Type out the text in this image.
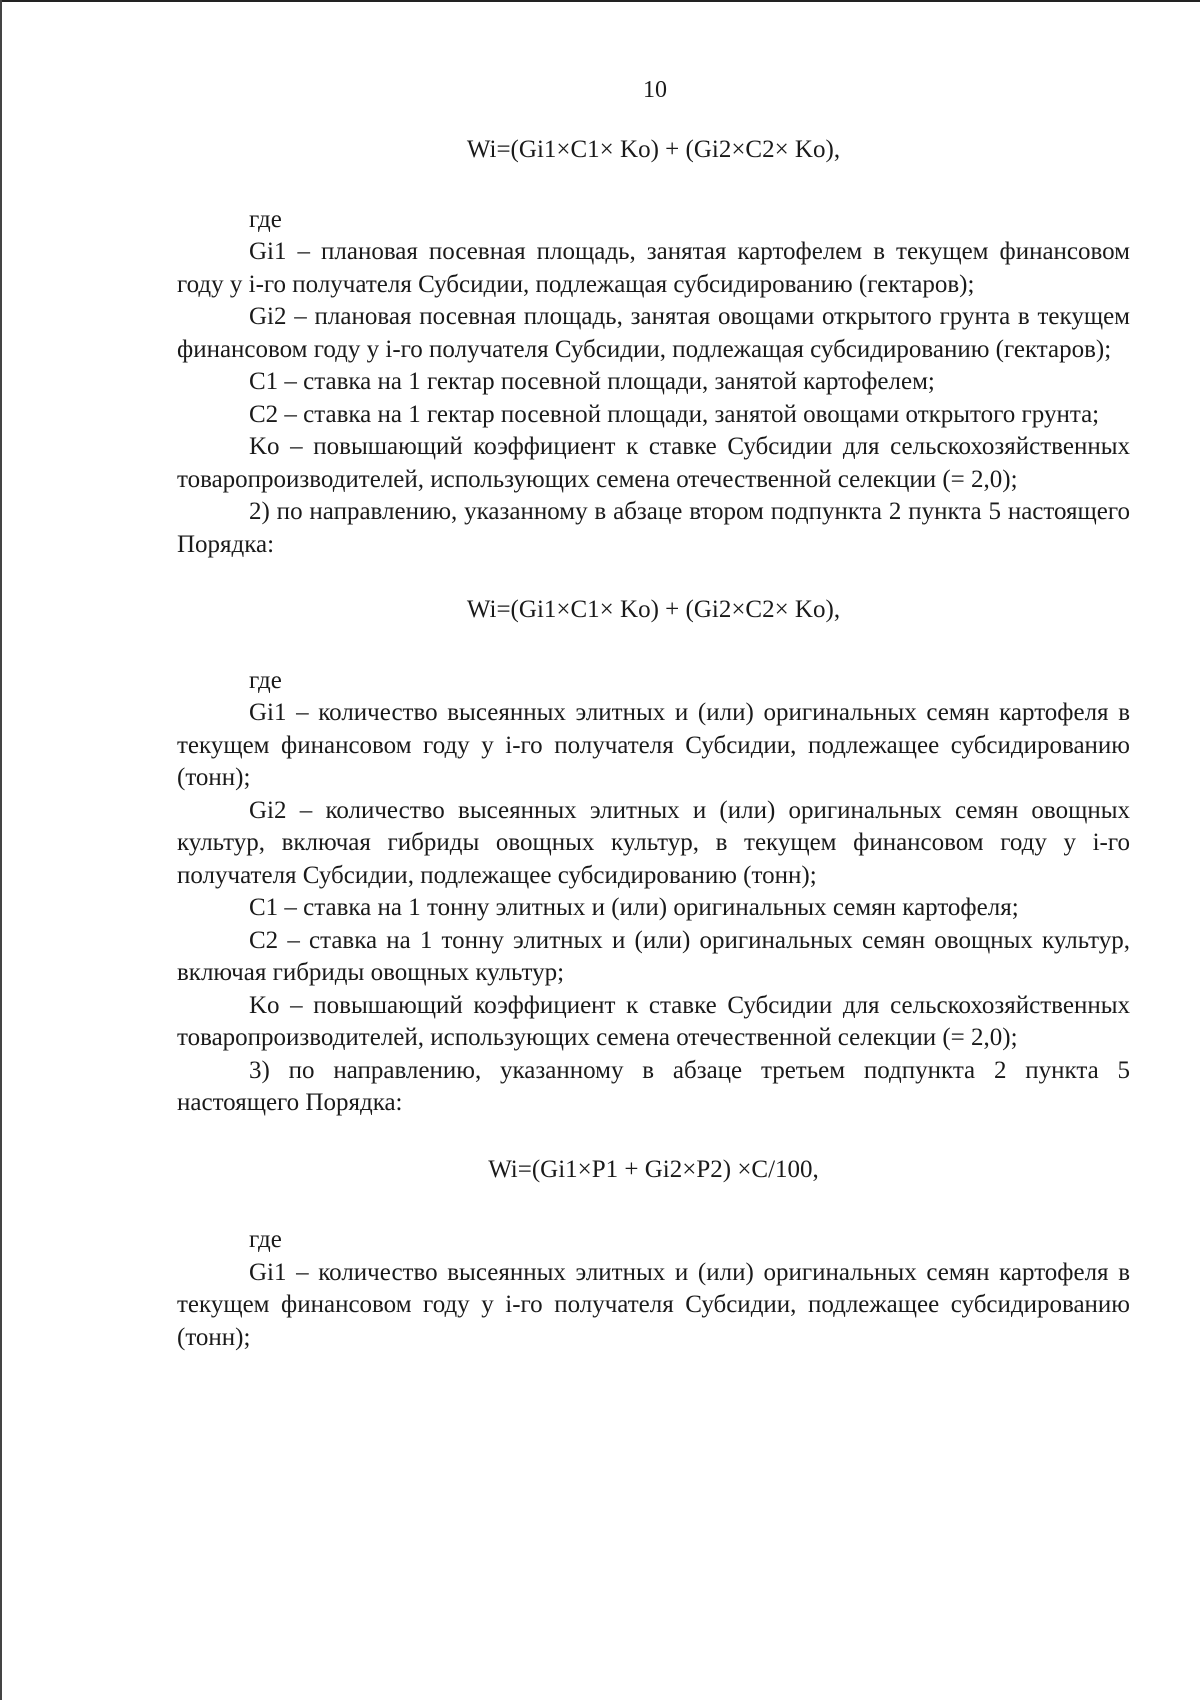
10
Wi=(Gi1×C1× Ko) + (Gi2×C2× Ko),
где

Gi1 – плановая посевная площадь, занятая картофелем в текущем финансовом году у i-го получателя Субсидии, подлежащая субсидированию (гектаров);

Gi2 – плановая посевная площадь, занятая овощами открытого грунта в текущем финансовом году у i-го получателя Субсидии, подлежащая субсидированию (гектаров);

C1 – ставка на 1 гектар посевной площади, занятой картофелем;

C2 – ставка на 1 гектар посевной площади, занятой овощами открытого грунта;

Ko – повышающий коэффициент к ставке Субсидии для сельскохозяйственных товаропроизводителей, использующих семена отечественной селекции (= 2,0);

2) по направлению, указанному в абзаце втором подпункта 2 пункта 5 настоящего Порядка:

Wi=(Gi1×C1× Ko) + (Gi2×C2× Ko),
где

Gi1 – количество высеянных элитных и (или) оригинальных семян картофеля в текущем финансовом году у i-го получателя Субсидии, подлежащее субсидированию (тонн);

Gi2 – количество высеянных элитных и (или) оригинальных семян овощных культур, включая гибриды овощных культур, в текущем финансовом году у i-го получателя Субсидии, подлежащее субсидированию (тонн);

C1 – ставка на 1 тонну элитных и (или) оригинальных семян картофеля;

C2 – ставка на 1 тонну элитных и (или) оригинальных семян овощных культур, включая гибриды овощных культур;

Ko – повышающий коэффициент к ставке Субсидии для сельскохозяйственных товаропроизводителей, использующих семена отечественной селекции (= 2,0);

3) по направлению, указанному в абзаце третьем подпункта 2 пункта 5 настоящего Порядка:

Wi=(Gi1×P1 + Gi2×P2) ×C/100,
где

Gi1 – количество высеянных элитных и (или) оригинальных семян картофеля в текущем финансовом году у i-го получателя Субсидии, подлежащее субсидированию (тонн);
